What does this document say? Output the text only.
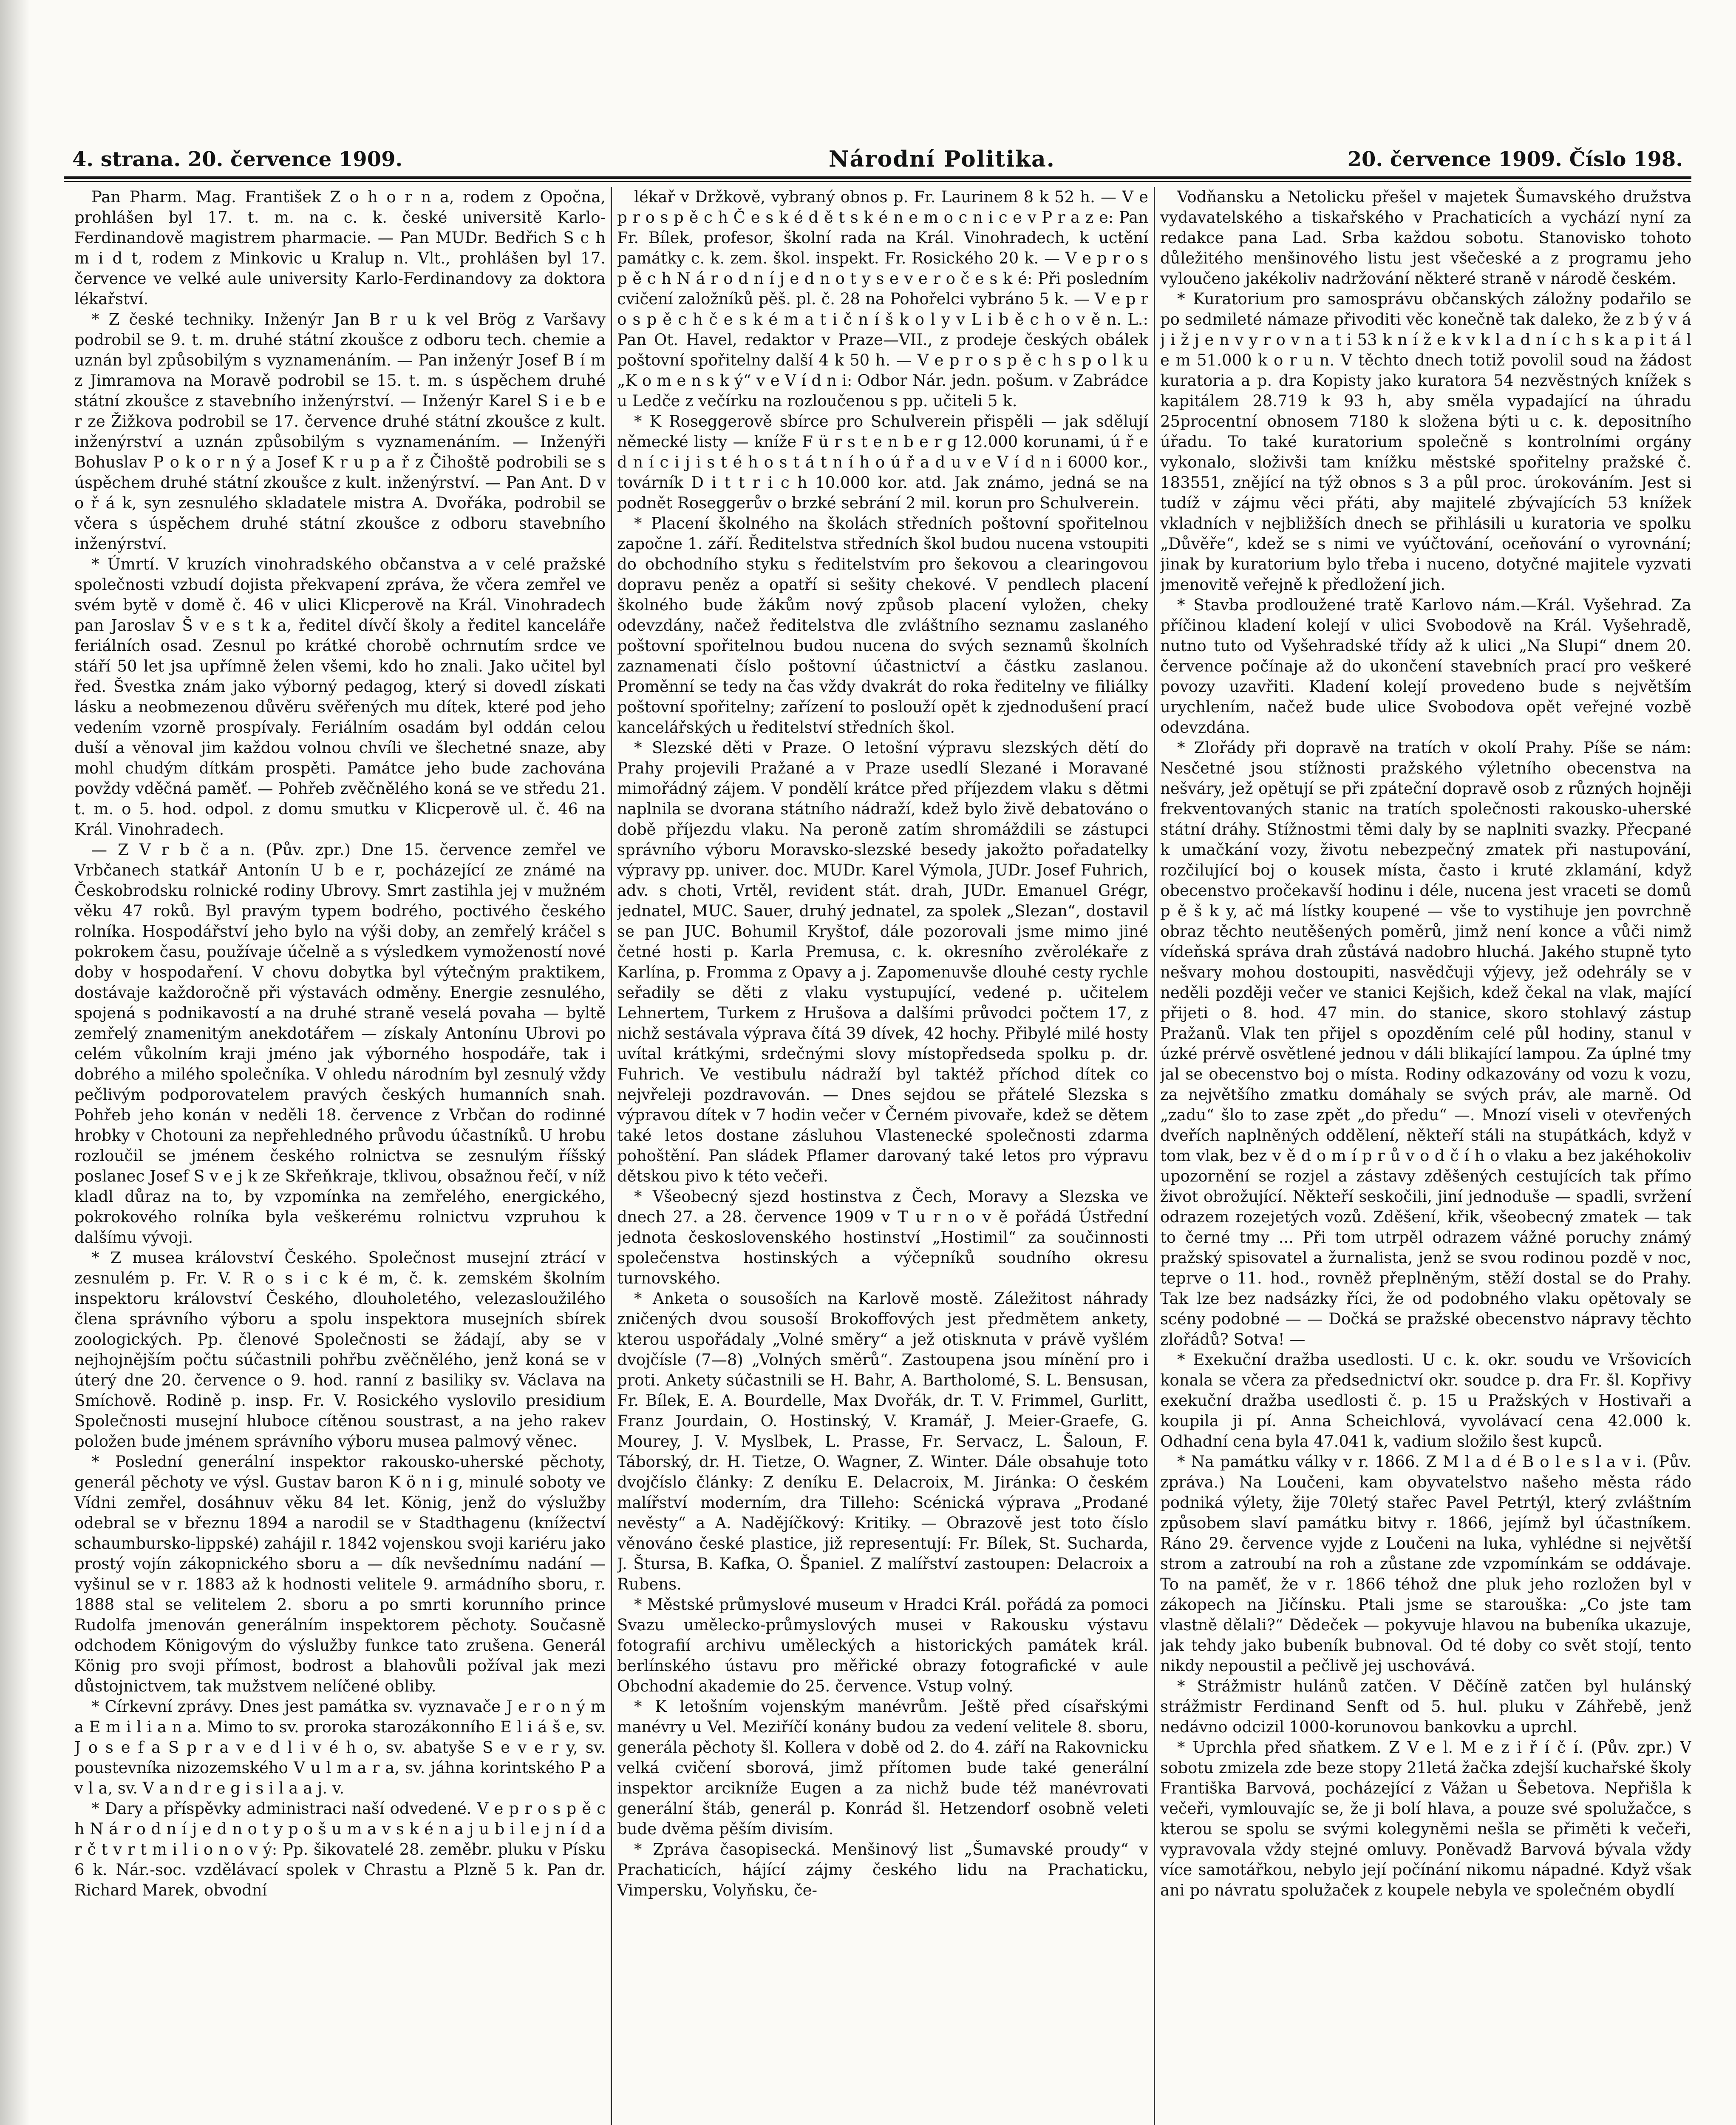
4. strana. 20. července 1909.	Národní Politika.	20. července 1909. Číslo 198.

Pan Pharm. Mag. František Z o h o r n a, rodem z Opočna, prohlášen byl 17. t. m. na c. k. české universitě Karlo-Ferdinandově magistrem pharmacie. — Pan MUDr. Bedřich S c h m i d t, rodem z Minkovic u Kralup n. Vlt., prohlášen byl 17. července ve velké aule university Karlo-Ferdinandovy za doktora lékařství.

* Z české techniky. Inženýr Jan B r u k vel Brög z Varšavy podrobil se 9. t. m. druhé státní zkoušce z odboru tech. chemie a uznán byl způsobilým s vyznamenáním. — Pan inženýr Josef B í m z Jimramova na Moravě podrobil se 15. t. m. s úspěchem druhé státní zkoušce z stavebního inženýrství. — Inženýr Karel S i e b e r ze Žižkova podrobil se 17. července druhé státní zkoušce z kult. inženýrství a uznán způsobilým s vyznamenáním. — Inženýři Bohuslav P o k o r n ý a Josef K r u p a ř z Čihoště podrobili se s úspěchem druhé státní zkoušce z kult. inženýrství. — Pan Ant. D v o ř á k, syn zesnulého skladatele mistra A. Dvořáka, podrobil se včera s úspěchem druhé státní zkoušce z odboru stavebního inženýrství.

* Úmrtí. V kruzích vinohradského občanstva a v celé pražské společnosti vzbudí dojista překvapení zpráva, že včera zemřel ve svém bytě v domě č. 46 v ulici Klicperově na Král. Vinohradech pan Jaroslav Š v e s t k a, ředitel dívčí školy a ředitel kanceláře feriálních osad. Zesnul po krátké chorobě ochrnutím srdce ve stáří 50 let jsa upřímně želen všemi, kdo ho znali. Jako učitel byl řed. Švestka znám jako výborný pedagog, který si dovedl získati lásku a neobmezenou důvěru svěřených mu dítek, které pod jeho vedením vzorně prospívaly. Feriálním osadám byl oddán celou duší a věnoval jim každou volnou chvíli ve šlechetné snaze, aby mohl chudým dítkám prospěti. Památce jeho bude zachována povždy vděčná paměť. — Pohřeb zvěčnělého koná se ve středu 21. t. m. o 5. hod. odpol. z domu smutku v Klicperově ul. č. 46 na Král. Vinohradech.

— Z V r b č a n. (Pův. zpr.) Dne 15. července zemřel ve Vrbčanech statkář Antonín U b e r, pocházející ze známé na Českobrodsku rolnické rodiny Ubrovy. Smrt zastihla jej v mužném věku 47 roků. Byl pravým typem bodrého, poctivého českého rolníka. Hospodářství jeho bylo na výši doby, an zemřelý kráčel s pokrokem času, používaje účelně a s výsledkem vymožeností nové doby v hospodaření. V chovu dobytka byl výtečným praktikem, dostávaje každoročně při výstavách odměny. Energie zesnulého, spojená s podnikavostí a na druhé straně veselá povaha — byltě zemřelý znamenitým anekdotářem — získaly Antonínu Ubrovi po celém vůkolním kraji jméno jak výborného hospodáře, tak i dobrého a milého společníka. V ohledu národním byl zesnulý vždy pečlivým podporovatelem pravých českých humanních snah. Pohřeb jeho konán v neděli 18. července z Vrbčan do rodinné hrobky v Chotouni za nepřehledného průvodu účastníků. U hrobu rozloučil se jménem českého rolnictva se zesnulým říšský poslanec Josef S v e j k ze Skřeňkraje, tklivou, obsažnou řečí, v níž kladl důraz na to, by vzpomínka na zemřelého, energického, pokrokového rolníka byla veškerému rolnictvu vzpruhou k dalšímu vývoji.

* Z musea království Českého. Společnost musejní ztrácí v zesnulém p. Fr. V. R o s i c k é m, č. k. zemském školním inspektoru království Českého, dlouholetého, velezasloužilého člena správního výboru a spolu inspektora musejních sbírek zoologických. Pp. členové Společnosti se žádají, aby se v nejhojnějším počtu súčastnili pohřbu zvěčnělého, jenž koná se v úterý dne 20. července o 9. hod. ranní z basiliky sv. Václava na Smíchově. Rodině p. insp. Fr. V. Rosického vyslovilo presidium Společnosti musejní hluboce cítěnou soustrast, a na jeho rakev položen bude jménem správního výboru musea palmový věnec.

* Poslední generální inspektor rakousko-uherské pěchoty, generál pěchoty ve výsl. Gustav baron K ö n i g, minulé soboty ve Vídni zemřel, dosáhnuv věku 84 let. König, jenž do výslužby odebral se v březnu 1894 a narodil se v Stadthagenu (knížectví schaumbursko-lippské) zahájil r. 1842 vojenskou svoji kariéru jako prostý vojín zákopnického sboru a — dík nevšednímu nadání — vyšinul se v r. 1883 až k hodnosti velitele 9. armádního sboru, r. 1888 stal se velitelem 2. sboru a po smrti korunního prince Rudolfa jmenován generálním inspektorem pěchoty. Současně odchodem Königovým do výslužby funkce tato zrušena. Generál König pro svoji přímost, bodrost a blahovůli požíval jak mezi důstojnictvem, tak mužstvem nelíčené obliby.

* Církevní zprávy. Dnes jest památka sv. vyznavače J e r o n ý m a E m i l i a n a. Mimo to sv. proroka starozákonního E l i á š e, sv. J o s e f a S p r a v e d l i v é h o, sv. abatyše S e v e r y, sv. poustevníka nizozemského V u l m a r a, sv. jáhna korintského P a v l a, sv. V a n d r e g i s i l a a j. v.

* Dary a příspěvky administraci naší odvedené. V e p r o s p ě c h N á r o d n í j e d n o t y p o š u m a v s k é n a j u b i l e j n í d a r č t v r t m i l i o n o v ý: Pp. šikovatelé 28. zeměbr. pluku v Písku 6 k. Nár.-soc. vzdělávací spolek v Chrastu a Plzně 5 k. Pan dr. Richard Marek, obvodní

lékař v Držkově, vybraný obnos p. Fr. Laurinem 8 k 52 h. — V e p r o s p ě c h Č e s k é d ě t s k é n e m o c n i c e v P r a z e: Pan Fr. Bílek, profesor, školní rada na Král. Vinohradech, k uctění památky c. k. zem. škol. inspekt. Fr. Rosického 20 k. — V e p r o s p ě c h N á r o d n í j e d n o t y s e v e r o č e s k é: Při posledním cvičení založníků pěš. pl. č. 28 na Pohořelci vybráno 5 k. — V e p r o s p ě c h č e s k é m a t i č n í š k o l y v L i b ě c h o v ě n. L.: Pan Ot. Havel, redaktor v Praze—VII., z prodeje českých obálek poštovní spořitelny další 4 k 50 h. — V e p r o s p ě c h s p o l k u „K o m e n s k ý“ v e V í d n i: Odbor Nár. jedn. pošum. v Zabrádce u Ledče z večírku na rozloučenou s pp. učiteli 5 k.

* K Roseggerově sbírce pro Schulverein přispěli — jak sdělují německé listy — kníže F ü r s t e n b e r g 12.000 korunami, ú ř e d n í c i j i s t é h o s t á t n í h o ú ř a d u v e V í d n i 6000 kor., továrník D i t t r i c h 10.000 kor. atd. Jak známo, jedná se na podnět Roseggerův o brzké sebrání 2 mil. korun pro Schulverein.

* Placení školného na školách středních poštovní spořitelnou započne 1. září. Ředitelstva středních škol budou nucena vstoupiti do obchodního styku s ředitelstvím pro šekovou a clearingovou dopravu peněz a opatří si sešity chekové. V pendlech placení školného bude žákům nový způsob placení vyložen, cheky odevzdány, načež ředitelstva dle zvláštního seznamu zaslaného poštovní spořitelnou budou nucena do svých seznamů školních zaznamenati číslo poštovní účastnictví a částku zaslanou. Proměnní se tedy na čas vždy dvakrát do roka ředitelny ve filiálky poštovní spořitelny; zařízení to poslouží opět k zjednodušení prací kancelářských u ředitelství středních škol.

* Slezské děti v Praze. O letošní výpravu slezských dětí do Prahy projevili Pražané a v Praze usedlí Slezané i Moravané mimořádný zájem. V pondělí krátce před příjezdem vlaku s dětmi naplnila se dvorana státního nádraží, kdež bylo živě debatováno o době příjezdu vlaku. Na peroně zatím shromáždili se zástupci správního výboru Moravsko-slezské besedy jakožto pořadatelky výpravy pp. univer. doc. MUDr. Karel Výmola, JUDr. Josef Fuhrich, adv. s choti, Vrtěl, revident stát. drah, JUDr. Emanuel Grégr, jednatel, MUC. Sauer, druhý jednatel, za spolek „Slezan“, dostavil se pan JUC. Bohumil Kryštof, dále pozorovali jsme mimo jiné četné hosti p. Karla Premusa, c. k. okresního zvěrolékaře z Karlína, p. Fromma z Opavy a j. Zapomenuvše dlouhé cesty rychle seřadily se děti z vlaku vystupující, vedené p. učitelem Lehnertem, Turkem z Hrušova a dalšími průvodci počtem 17, z nichž sestávala výprava čítá 39 dívek, 42 hochy. Přibylé milé hosty uvítal krátkými, srdečnými slovy místopředseda spolku p. dr. Fuhrich. Ve vestibulu nádraží byl taktéž příchod dítek co nejvřeleji pozdravován. — Dnes sejdou se přátelé Slezska s výpravou dítek v 7 hodin večer v Černém pivovaře, kdež se dětem také letos dostane zásluhou Vlastenecké společnosti zdarma pohoštění. Pan sládek Pflamer darovaný také letos pro výpravu dětskou pivo k této večeři.

* Všeobecný sjezd hostinstva z Čech, Moravy a Slezska ve dnech 27. a 28. července 1909 v T u r n o v ě pořádá Ústřední jednota československého hostinství „Hostimil“ za součinnosti společenstva hostinských a výčepníků soudního okresu turnovského.

* Anketa o sousoších na Karlově mostě. Záležitost náhrady zničených dvou sousoší Brokoffových jest předmětem ankety, kterou uspořádaly „Volné směry“ a jež otisknuta v právě vyšlém dvojčísle (7—8) „Volných směrů“. Zastoupena jsou mínění pro i proti. Ankety súčastnili se H. Bahr, A. Bartholomé, S. L. Bensusan, Fr. Bílek, E. A. Bourdelle, Max Dvořák, dr. T. V. Frimmel, Gurlitt, Franz Jourdain, O. Hostinský, V. Kramář, J. Meier-Graefe, G. Mourey, J. V. Myslbek, L. Prasse, Fr. Servacz, L. Šaloun, F. Táborský, dr. H. Tietze, O. Wagner, Z. Winter. Dále obsahuje toto dvojčíslo články: Z deníku E. Delacroix, M. Jiránka: O českém malířství moderním, dra Tilleho: Scénická výprava „Prodané nevěsty“ a A. Nadějíčkový: Kritiky. — Obrazově jest toto číslo věnováno české plastice, již representují: Fr. Bílek, St. Suchardа, J. Štursa, B. Kafka, O. Španiel. Z malířství zastoupen: Delacroix a Rubens.

* Městské průmyslové museum v Hradci Král. pořádá za pomoci Svazu umělecko-průmyslových musei v Rakousku výstavu fotografií archivu uměleckých a historických památek král. berlínského ústavu pro měřické obrazy fotografické v aule Obchodní akademie do 25. července. Vstup volný.

* K letošním vojenským manévrům. Ještě před císařskými manévry u Vel. Meziříčí konány budou za vedení velitele 8. sboru, generála pěchoty šl. Kollera v době od 2. do 4. září na Rakovnicku velká cvičení sborová, jimž přítomen bude také generální inspektor arcikníže Eugen a za nichž bude též manévrovati generální štáb, generál p. Konrád šl. Hetzendorf osobně veleti bude dvěma pěším divisím.

* Zpráva časopisecká. Menšinový list „Šumavské proudy“ v Prachaticích, hájící zájmy českého lidu na Prachaticku, Vimpersku, Volyňsku, če-

Vodňansku a Netolicku přešel v majetek Šumavského družstva vydavatelského a tiskařského v Prachaticích a vychází nyní za redakce pana Lad. Srba každou sobotu. Stanovisko tohoto důležitého menšinového listu jest všečeské a z programu jeho vyloučeno jakékoliv nadržování některé straně v národě českém.

* Kuratorium pro samosprávu občanských záložny podařilo se po sedmileté námaze přivoditi věc konečně tak daleko, že z b ý v á j i ž j e n v y r o v n a t i 53 k n í ž e k v k l a d n í c h s k a p i t á l e m 51.000 k o r u n. V těchto dnech totiž povolil soud na žádost kuratoria a p. dra Kopisty jako kuratora 54 nezvěstných knížek s kapitálem 28.719 k 93 h, aby směla vypadající na úhradu 25procentní obnosem 7180 k složena býti u c. k. depositního úřadu. To také kuratorium společně s kontrolními orgány vykonalo, složivši tam knížku městské spořitelny pražské č. 183551, znějící na týž obnos s 3 a půl proc. úrokováním. Jest si tudíž v zájmu věci přáti, aby majitelé zbývajících 53 knížek vkladních v nejbližších dnech se přihlásili u kuratoria ve spolku „Důvěře“, kdež se s nimi ve vyúčtování, oceňování o vyrovnání; jinak by kuratorium bylo třeba i nuceno, dotyčné majitele vyzvati jmenovitě veřejně k předložení jich.

* Stavba prodloužené tratě Karlovo nám.—Král. Vyšehrad. Za příčinou kladení kolejí v ulici Svobodově na Král. Vyšehradě, nutno tuto od Vyšehradské třídy až k ulici „Na Slupi“ dnem 20. července počínaje až do ukončení stavebních prací pro veškeré povozy uzavřiti. Kladení kolejí provedeno bude s největším urychlením, načež bude ulice Svobodova opět veřejné vozbě odevzdána.

* Zlořády při dopravě na tratích v okolí Prahy. Píše se nám: Nesčetné jsou stížnosti pražského výletního obecenstva na nešváry, jež opětují se při zpáteční dopravě osob z různých hojněji frekventovaných stanic na tratích společnosti rakousko-uherské státní dráhy. Stížnostmi těmi daly by se naplniti svazky. Přecpané k umačkání vozy, životu nebezpečný zmatek při nastupování, rozčilující boj o kousek místa, často i kruté zklamání, když obecenstvo pročekavší hodinu i déle, nucena jest vraceti se domů p ě š k y, ač má lístky koupené — vše to vystihuje jen povrchně obraz těchto neutěšených poměrů, jimž není konce a vůči nimž vídeňská správa drah zůstává nadobro hluchá. Jakého stupně tyto nešvary mohou dostoupiti, nasvědčuji výjevy, jež odehrály se v neděli později večer ve stanici Kejšich, kdež čekal na vlak, mající přijeti o 8. hod. 47 min. do stanice, skoro stohlavý zástup Pražanů. Vlak ten přijel s opozděním celé půl hodiny, stanul v úzké prérvě osvětlené jednou v dáli blikající lampou. Za úplné tmy jal se obecenstvo boj o místa. Rodiny odkazovány od vozu k vozu, za největšího zmatku domáhaly se svých práv, ale marně. Od „zadu“ šlo to zase zpět „do předu“ —. Mnozí viseli v otevřených dveřích naplněných oddělení, někteří stáli na stupátkách, když v tom vlak, bez v ě d o m í p r ů v o d č í h o vlaku a bez jakéhokoliv upozornění se rozjel a zástavy zděšených cestujících tak přímo život obrožující. Někteří seskočili, jiní jednoduše — spadli, svržení odrazem rozejetých vozů. Zděšení, křik, všeobecný zmatek — tak to černé tmy ... Při tom utrpěl odrazem vážné poruchy známý pražský spisovatel a žurnalista, jenž se svou rodinou pozdě v noc, teprve o 11. hod., rovněž přeplněným, stěží dostal se do Prahy. Tak lze bez nadsázky říci, že od podobného vlaku opětovaly se scény podobné — — Dočká se pražské obecenstvo nápravy těchto zlořádů? Sotva! —

* Exekuční dražba usedlosti. U c. k. okr. soudu ve Vršovicích konala se včera za předsednictví okr. soudce p. dra Fr. šl. Kopřivy exekuční dražba usedlosti č. p. 15 u Pražských v Hostivaři a koupila ji pí. Anna Scheichlová, vyvolávací cena 42.000 k. Odhadní cena byla 47.041 k, vadium složilo šest kupců.

* Na památku války v r. 1866. Z M l a d é B o l e s l a v i. (Pův. zpráva.) Na Loučeni, kam obyvatelstvo našeho města rádo podniká výlety, žije 70letý stařec Pavel Petrtýl, který zvláštním způsobem slaví památku bitvy r. 1866, jejímž byl účastníkem. Ráno 29. července vyjde z Loučeni na luka, vyhlédne si největší strom a zatroubí na roh a zůstane zde vzpomínkám se oddávaje. To na paměť, že v r. 1866 téhož dne pluk jeho rozložen byl v zákopech na Jičínsku. Ptali jsme se starouška: „Co jste tam vlastně dělali?“ Dědeček — pokyvuje hlavou na bubeníka ukazuje, jak tehdy jako bubeník bubnoval. Od té doby co svět stojí, tento nikdy nepoustil a pečlivě jej uschovává.

* Strážmistr hulánů zatčen. V Děčíně zatčen byl hulánský strážmistr Ferdinand Senft od 5. hul. pluku v Záhřebě, jenž nedávno odcizil 1000-korunovou bankovku a uprchl.

* Uprchla před sňatkem. Z V e l. M e z i ř í č í. (Pův. zpr.) V sobotu zmizela zde beze stopy 21letá žačka zdejší kuchařské školy Františka Barvová, pocházející z Vážan u Šebetova. Nepřišla k večeři, vymlouvajíc se, že ji bolí hlava, a pouze své spolužačce, s kterou se spolu se svými kolegyněmi nešla se přiměti k večeři, vypravovala vždy stejné omluvy. Poněvadž Barvová bývala vždy více samotářkou, nebylo její počínání nikomu nápadné. Když však ani po návratu spolužaček z koupele nebyla ve společném obydlí
